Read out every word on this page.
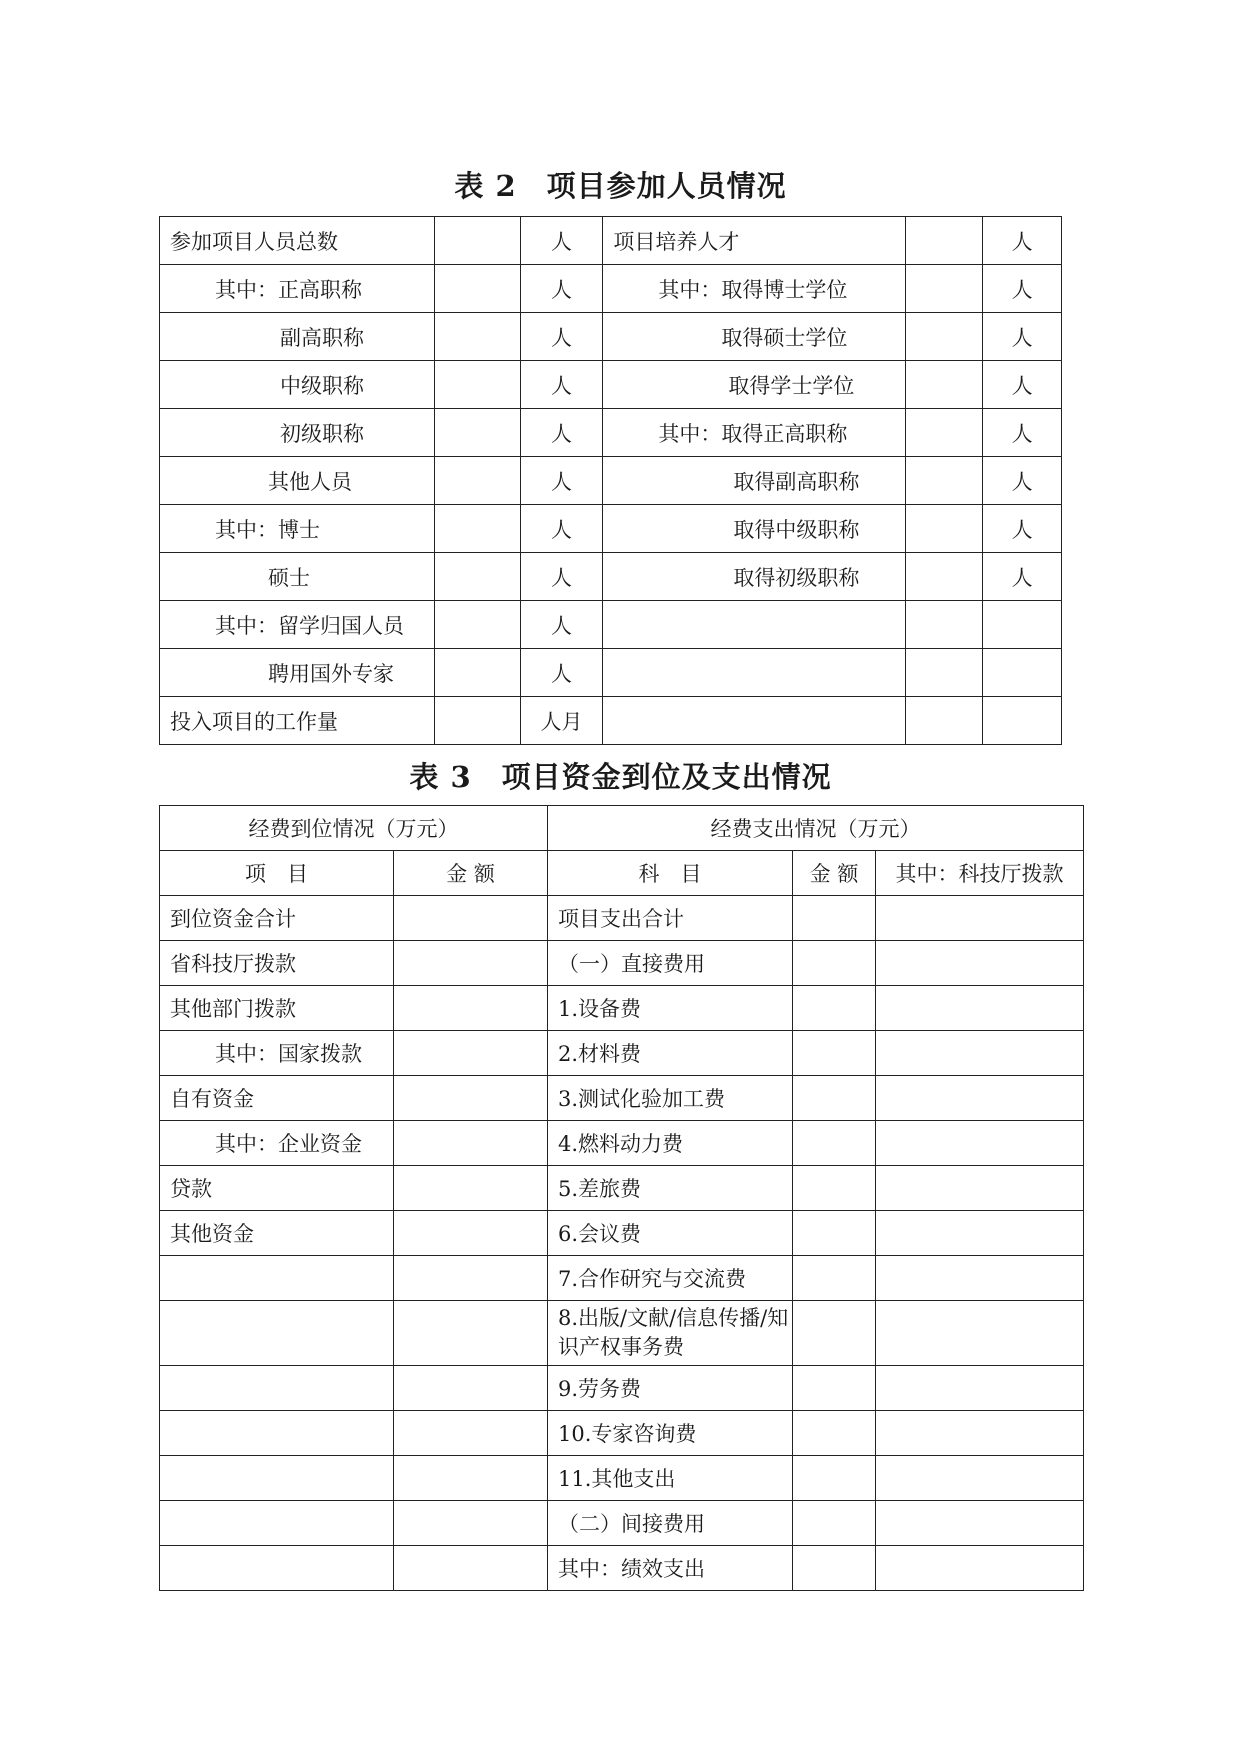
表 2　项目参加人员情况
参加项目人员总数		人	项目培养人才		人
其中：正高职称		人	其中：取得博士学位		人
副高职称		人	取得硕士学位		人
中级职称		人	取得学士学位		人
初级职称		人	其中：取得正高职称		人
其他人员		人	取得副高职称		人
其中：博士		人	取得中级职称		人
硕士		人	取得初级职称		人
其中：留学归国人员		人			
聘用国外专家		人			
投入项目的工作量		人月			
表 3　项目资金到位及支出情况
经费到位情况（万元）		经费支出情况（万元）		
项　目	金 额	科　目	金 额	其中：科技厅拨款
到位资金合计		项目支出合计		
省科技厅拨款		（一）直接费用		
其他部门拨款		1.设备费		
其中：国家拨款		2.材料费		
自有资金		3.测试化验加工费		
其中：企业资金		4.燃料动力费		
贷款		5.差旅费		
其他资金		6.会议费		
		7.合作研究与交流费		
		8.出版/文献/信息传播/知识产权事务费		
		9.劳务费		
		10.专家咨询费		
		11.其他支出		
		（二）间接费用		
		其中：绩效支出		
